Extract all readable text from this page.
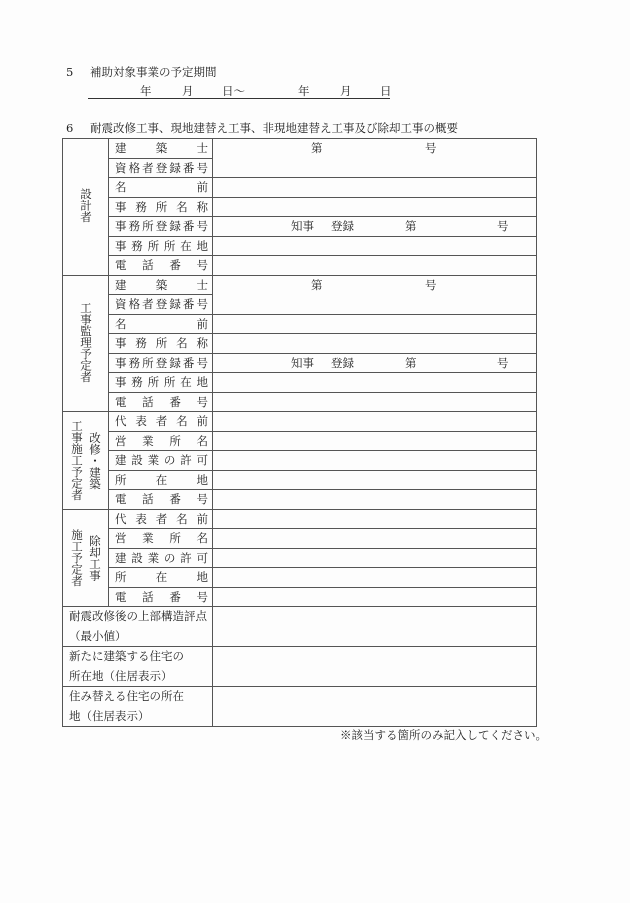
5 補助対象事業の予定期間
年	月 日～	年	月 日
6 耐震改修工事、現地建替え工事、非現地建替え工事及び除却工事の概要
設計者	建　築　士	第 号

	資格者登録番号	
	名　　前	
	事務所名称	
	事務所登録番号	知事 登録 第 号

	事務所所在地	
	電話番号	
工事監理予定者	建　築　士	第 号

	資格者登録番号	
	名　　前	
	事務所名称	
	事務所登録番号	知事 登録 第 号

	事務所所在地	
	電話番号	

工事施工予定者 改修・建築	代表者名前	
	営業所名	
	建設業の許可	
	所　在　地	
	電話番号	

施工予定者 除却工事	代表者名前	
	営業所名	
	建設業の許可	
	所　在　地	
	電話番号	

耐震改修後の上部構造評点
（最小値）		

新たに建築する住宅の
所在地（住居表示）		

住み替える住宅の所在
地（住居表示）		

※該当する箇所のみ記入してください。
